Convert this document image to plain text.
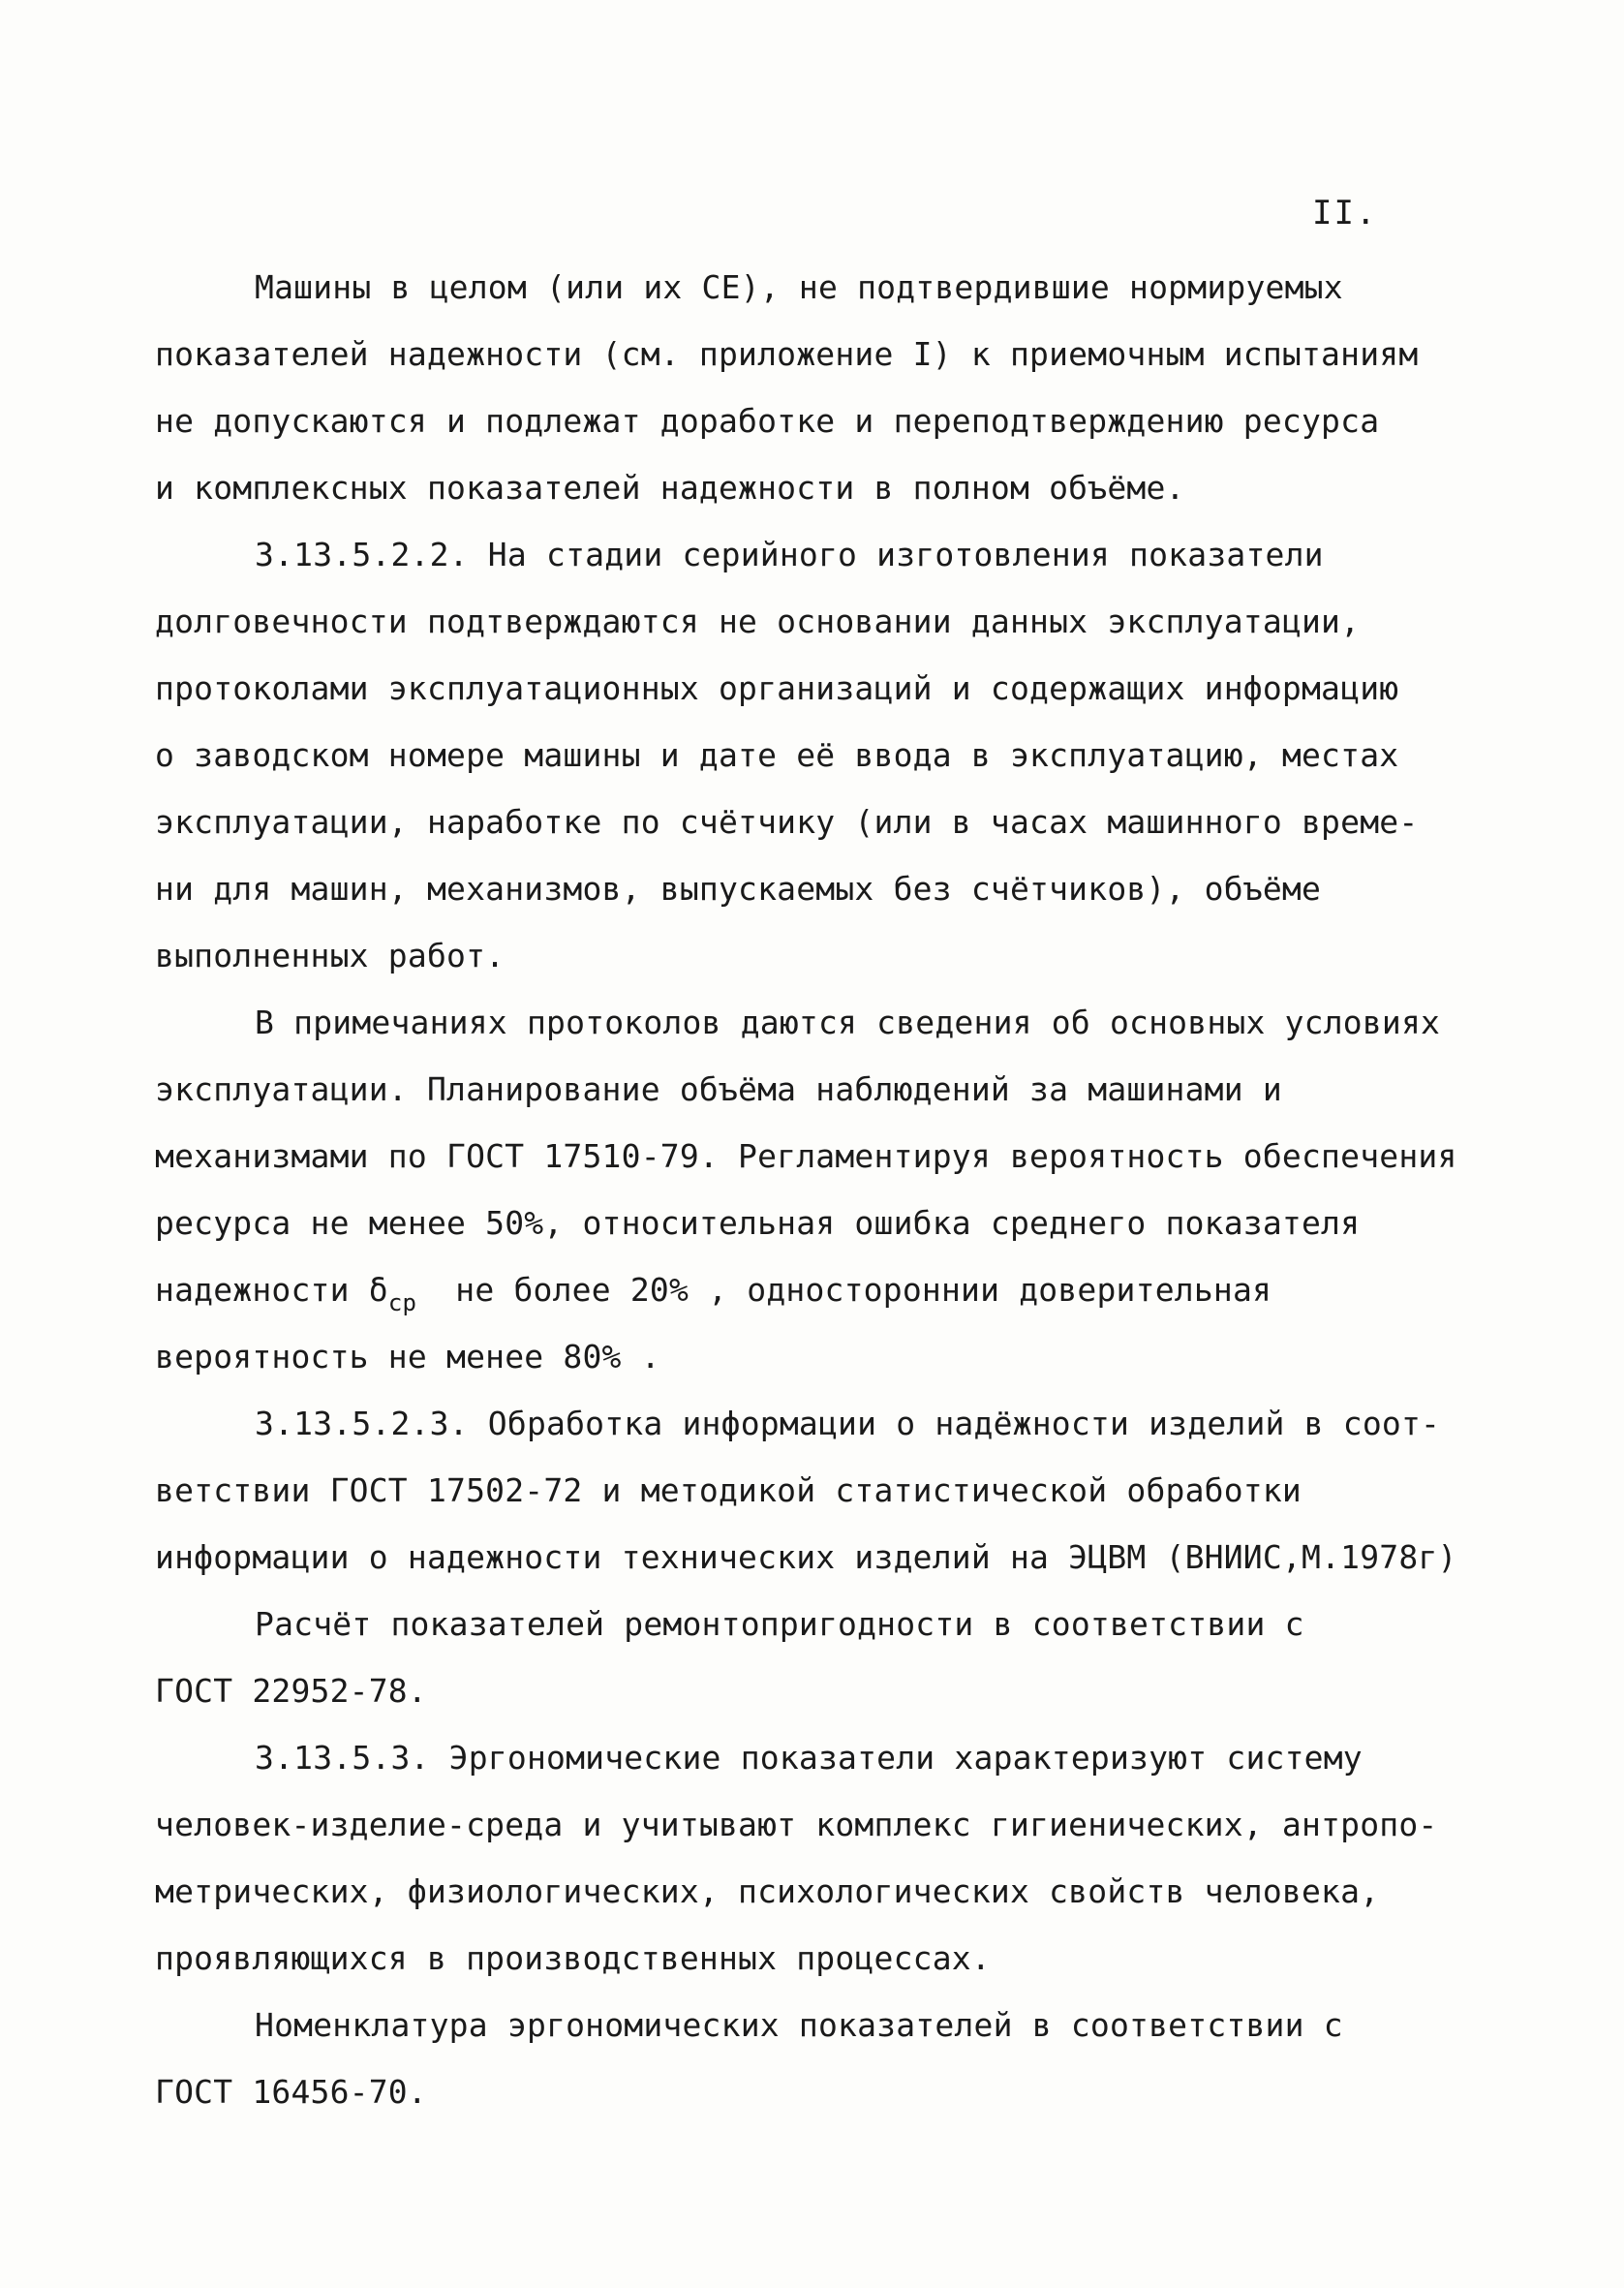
II.
Машины в целом (или их СЕ), не подтвердившие нормируемых
показателей надежности (см. приложение I) к приемочным испытаниям
не допускаются и подлежат доработке и переподтверждению ресурса
и комплексных показателей надежности в полном объёме.
3.13.5.2.2. На стадии серийного изготовления показатели
долговечности подтверждаются не основании данных эксплуатации,
протоколами эксплуатационных организаций и содержащих информацию
о заводском номере машины и дате её ввода в эксплуатацию, местах
эксплуатации, наработке по счётчику (или в часах машинного време-
ни для машин, механизмов, выпускаемых без счётчиков), объёме
выполненных работ.
В примечаниях протоколов даются сведения об основных условиях
эксплуатации. Планирование объёма наблюдений за машинами и
механизмами по ГОСТ 17510-79. Регламентируя вероятность обеспечения
ресурса не менее 50%, относительная ошибка среднего показателя
надежности $\delta_{ср}$  не более 20% , одностороннии доверительная
вероятность не менее 80% .
3.13.5.2.3. Обработка информации о надёжности изделий в соот-
ветствии ГОСТ 17502-72 и методикой статистической обработки
информации о надежности технических изделий на ЭЦВМ (ВНИИС,М.1978г)
Расчёт показателей ремонтопригодности в соответствии с
ГОСТ 22952-78.
3.13.5.3. Эргономические показатели характеризуют систему
человек-изделие-среда и учитывают комплекс гигиенических, антропо-
метрических, физиологических, психологических свойств человека,
проявляющихся в производственных процессах.
Номенклатура эргономических показателей в соответствии с
ГОСТ 16456-70.
